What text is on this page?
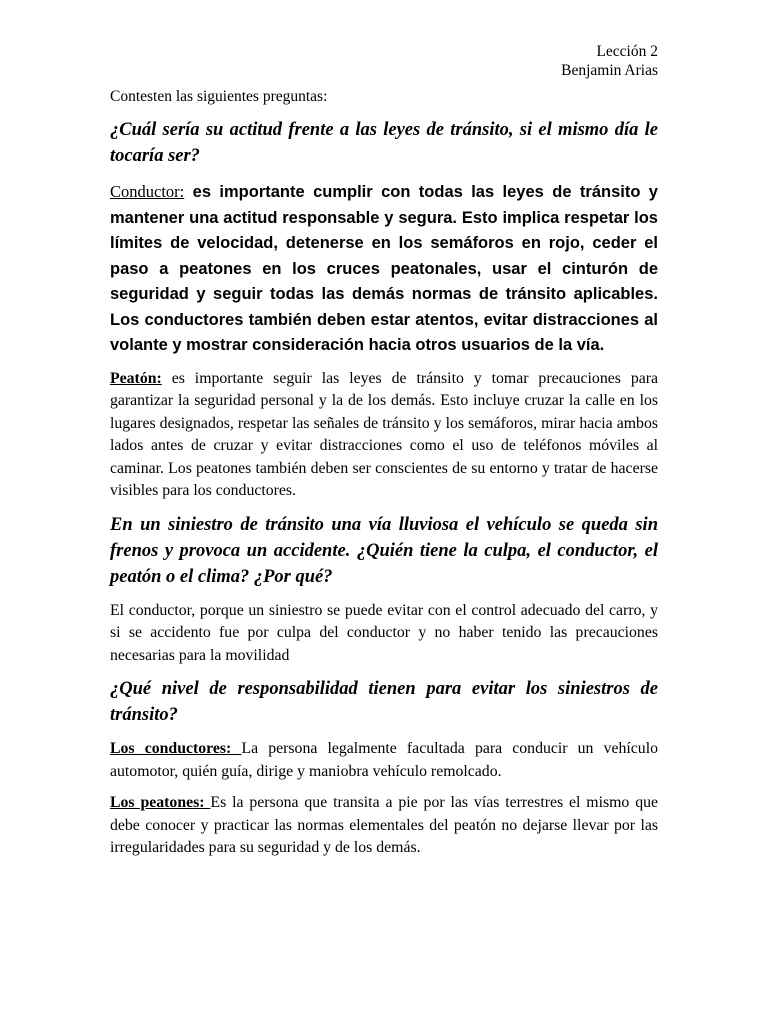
Lección 2
Benjamin Arias

Contesten las siguientes preguntas:

¿Cuál sería su actitud frente a las leyes de tránsito, si el mismo día le tocaría ser?

Conductor: es importante cumplir con todas las leyes de tránsito y mantener una actitud responsable y segura. Esto implica respetar los límites de velocidad, detenerse en los semáforos en rojo, ceder el paso a peatones en los cruces peatonales, usar el cinturón de seguridad y seguir todas las demás normas de tránsito aplicables. Los conductores también deben estar atentos, evitar distracciones al volante y mostrar consideración hacia otros usuarios de la vía.

Peatón: es importante seguir las leyes de tránsito y tomar precauciones para garantizar la seguridad personal y la de los demás. Esto incluye cruzar la calle en los lugares designados, respetar las señales de tránsito y los semáforos, mirar hacia ambos lados antes de cruzar y evitar distracciones como el uso de teléfonos móviles al caminar. Los peatones también deben ser conscientes de su entorno y tratar de hacerse visibles para los conductores.

En un siniestro de tránsito una vía lluviosa el vehículo se queda sin frenos y provoca un accidente. ¿Quién tiene la culpa, el conductor, el peatón o el clima? ¿Por qué?

El conductor, porque un siniestro se puede evitar con el control adecuado del carro, y si se accidento fue por culpa del conductor y no haber tenido las precauciones necesarias para la movilidad

¿Qué nivel de responsabilidad tienen para evitar los siniestros de tránsito?

Los conductores: La persona legalmente facultada para conducir un vehículo automotor, quién guía, dirige y maniobra vehículo remolcado.

Los peatones: Es la persona que transita a pie por las vías terrestres el mismo que debe conocer y practicar las normas elementales del peatón no dejarse llevar por las irregularidades para su seguridad y de los demás.
